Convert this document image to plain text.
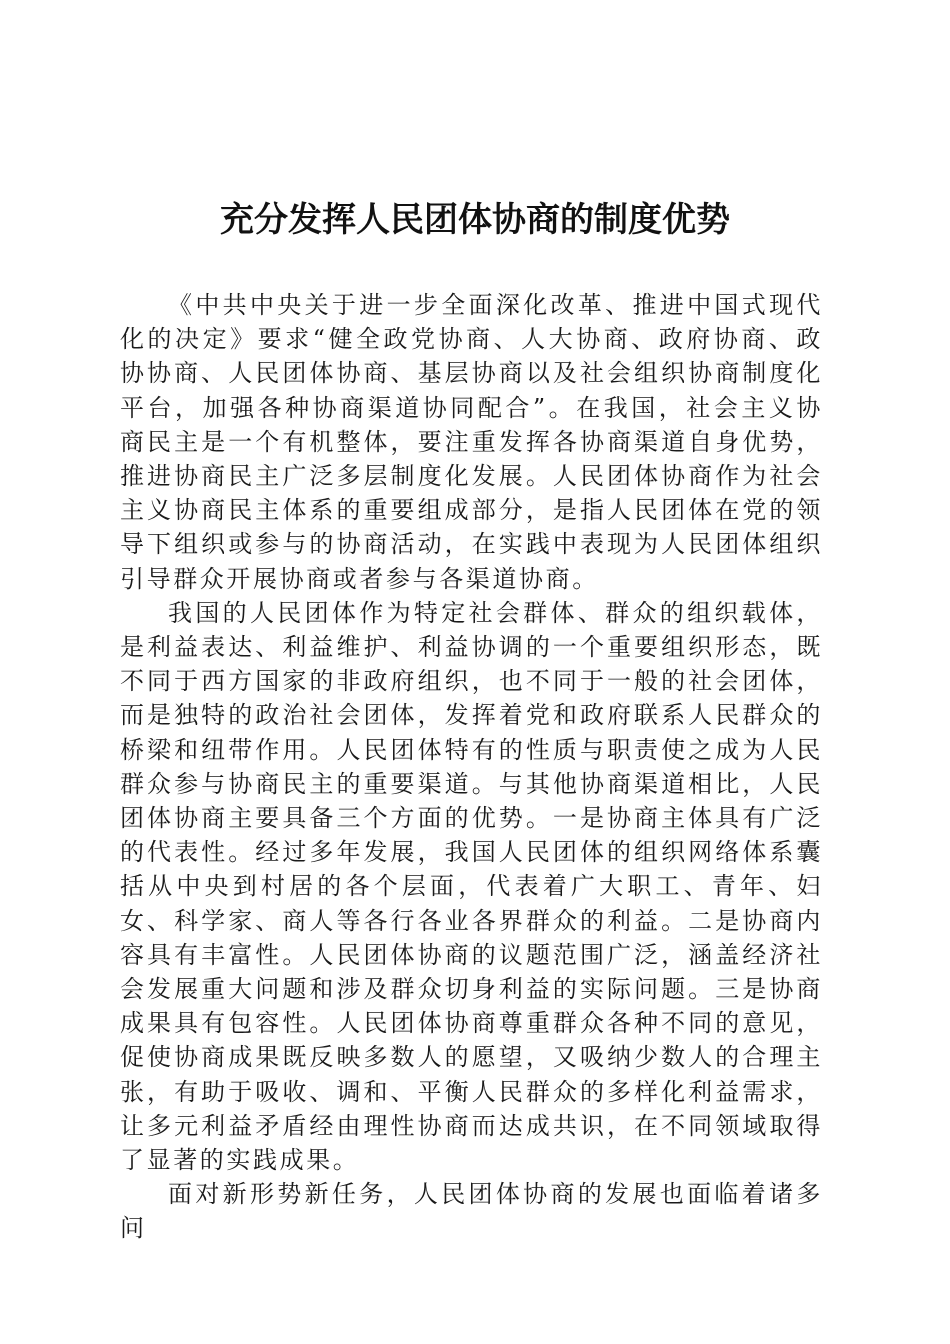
充分发挥人民团体协商的制度优势

《中共中央关于进一步全面深化改革、推进中国式现代化的决定》要求“健全政党协商、人大协商、政府协商、政协协商、人民团体协商、基层协商以及社会组织协商制度化平台，加强各种协商渠道协同配合”。在我国，社会主义协商民主是一个有机整体，要注重发挥各协商渠道自身优势，推进协商民主广泛多层制度化发展。人民团体协商作为社会主义协商民主体系的重要组成部分，是指人民团体在党的领导下组织或参与的协商活动，在实践中表现为人民团体组织引导群众开展协商或者参与各渠道协商。

我国的人民团体作为特定社会群体、群众的组织载体，是利益表达、利益维护、利益协调的一个重要组织形态，既不同于西方国家的非政府组织，也不同于一般的社会团体，而是独特的政治社会团体，发挥着党和政府联系人民群众的桥梁和纽带作用。人民团体特有的性质与职责使之成为人民群众参与协商民主的重要渠道。与其他协商渠道相比，人民团体协商主要具备三个方面的优势。一是协商主体具有广泛的代表性。经过多年发展，我国人民团体的组织网络体系囊括从中央到村居的各个层面，代表着广大职工、青年、妇女、科学家、商人等各行各业各界群众的利益。二是协商内容具有丰富性。人民团体协商的议题范围广泛，涵盖经济社会发展重大问题和涉及群众切身利益的实际问题。三是协商成果具有包容性。人民团体协商尊重群众各种不同的意见，促使协商成果既反映多数人的愿望，又吸纳少数人的合理主张，有助于吸收、调和、平衡人民群众的多样化利益需求，让多元利益矛盾经由理性协商而达成共识，在不同领域取得了显著的实践成果。

面对新形势新任务，人民团体协商的发展也面临着诸多问
